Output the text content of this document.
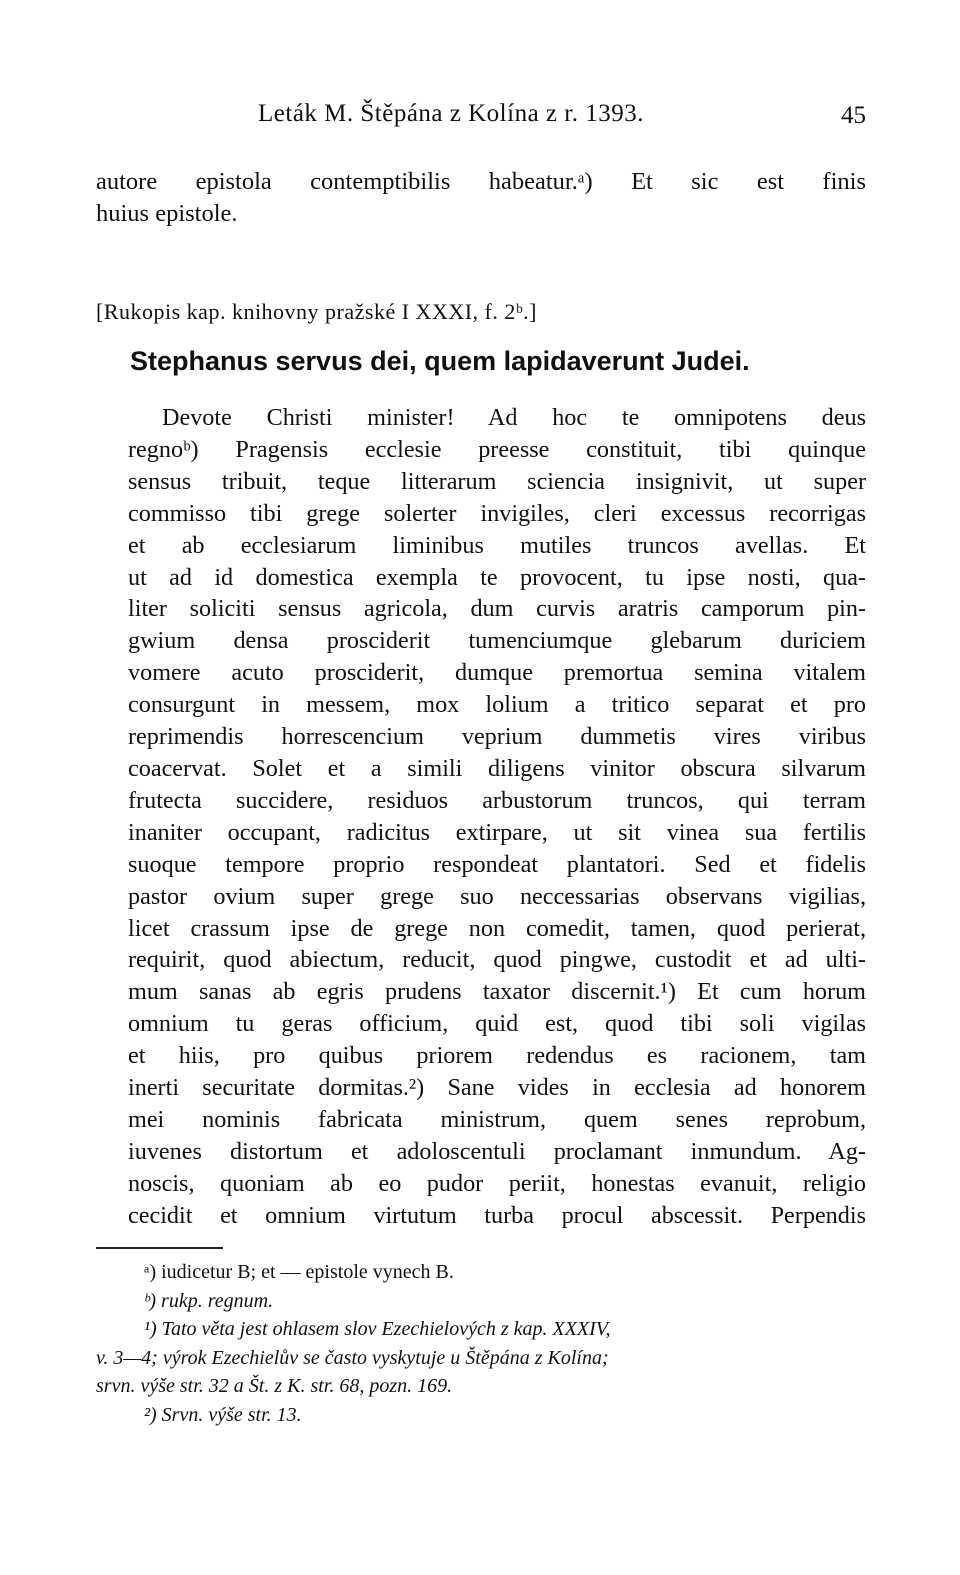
Leták M. Štěpána z Kolína z r. 1393.	45
autore epistola contemptibilis habeatur.ᵃ) Et sic est finis
huius epistole.
[Rukopis kap. knihovny pražské I XXXI, f. 2ᵇ.]
Stephanus servus dei, quem lapidaverunt Judei.
Devote Christi minister! Ad hoc te omnipotens deus
regnoᵇ) Pragensis ecclesie preesse constituit, tibi quinque
sensus tribuit, teque litterarum sciencia insignivit, ut super
commisso tibi grege solerter invigiles, cleri excessus recorrigas
et ab ecclesiarum liminibus mutiles truncos avellas. Et
ut ad id domestica exempla te provocent, tu ipse nosti, qua-
liter soliciti sensus agricola, dum curvis aratris camporum pin-
gwium densa prosciderit tumenciumque glebarum duriciem
vomere acuto prosciderit, dumque premortua semina vitalem
consurgunt in messem, mox lolium a tritico separat et pro
reprimendis horrescencium veprium dummetis vires viribus
coacervat. Solet et a simili diligens vinitor obscura silvarum
frutecta succidere, residuos arbustorum truncos, qui terram
inaniter occupant, radicitus extirpare, ut sit vinea sua fertilis
suoque tempore proprio respondeat plantatori. Sed et fidelis
pastor ovium super grege suo neccessarias observans vigilias,
licet crassum ipse de grege non comedit, tamen, quod perierat,
requirit, quod abiectum, reducit, quod pingwe, custodit et ad ulti-
mum sanas ab egris prudens taxator discernit.¹) Et cum horum
omnium tu geras officium, quid est, quod tibi soli vigilas
et hiis, pro quibus priorem redendus es racionem, tam
inerti securitate dormitas.²) Sane vides in ecclesia ad honorem
mei nominis fabricata ministrum, quem senes reprobum,
iuvenes distortum et adoloscentuli proclamant inmundum. Ag-
noscis, quoniam ab eo pudor periit, honestas evanuit, religio
cecidit et omnium virtutum turba procul abscessit. Perpendis
ᵃ) iudicetur B; et — epistole vynech B.
ᵇ) rukp. regnum.
¹) Tato věta jest ohlasem slov Ezechielových z kap. XXXIV,
v. 3—4; výrok Ezechielův se často vyskytuje u Štěpána z Kolína;
srvn. výše str. 32 a Št. z K. str. 68, pozn. 169.
²) Srvn. výše str. 13.
